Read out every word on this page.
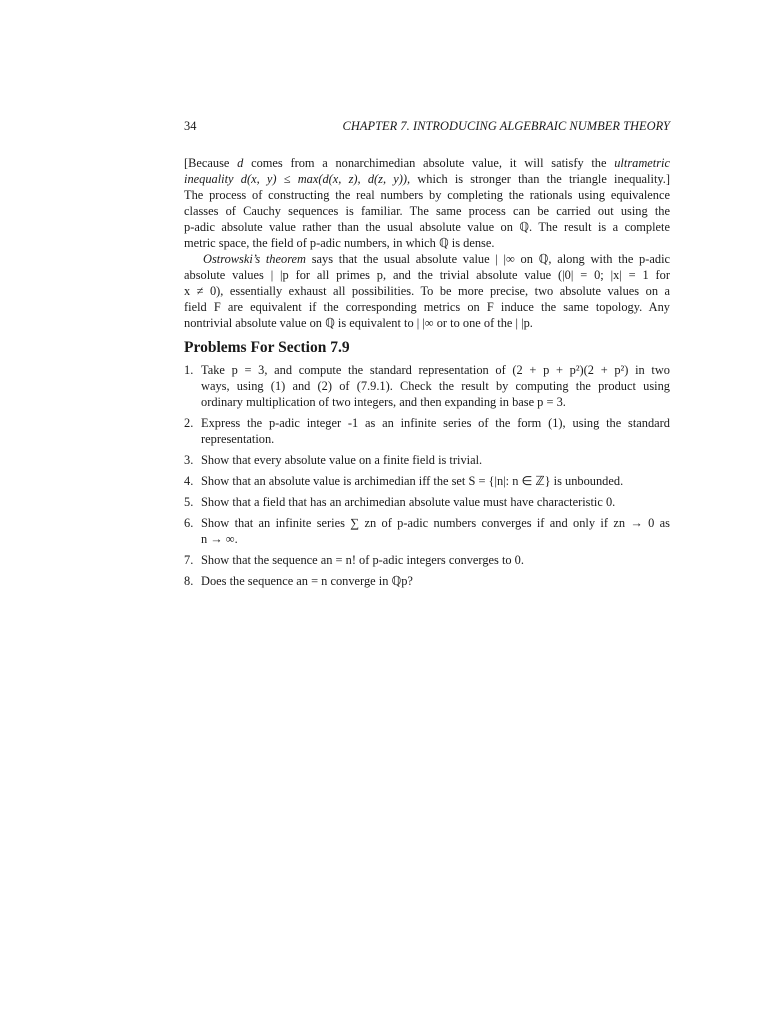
34	CHAPTER 7. INTRODUCING ALGEBRAIC NUMBER THEORY
[Because d comes from a nonarchimedian absolute value, it will satisfy the ultrametric
inequality d(x, y) ≤ max(d(x, z), d(z, y)), which is stronger than the triangle inequality.]
The process of constructing the real numbers by completing the rationals using equivalence
classes of Cauchy sequences is familiar. The same process can be carried out using the
p-adic absolute value rather than the usual absolute value on ℚ. The result is a complete
metric space, the field of p-adic numbers, in which ℚ is dense.
Ostrowski’s theorem says that the usual absolute value | |∞ on ℚ, along with the p-adic
absolute values | |p for all primes p, and the trivial absolute value (|0| = 0; |x| = 1 for
x ≠ 0), essentially exhaust all possibilities. To be more precise, two absolute values on a
field F are equivalent if the corresponding metrics on F induce the same topology. Any
nontrivial absolute value on ℚ is equivalent to | |∞ or to one of the | |p.
Problems For Section 7.9
1. Take p = 3, and compute the standard representation of (2 + p + p²)(2 + p²) in two
ways, using (1) and (2) of (7.9.1). Check the result by computing the product using
ordinary multiplication of two integers, and then expanding in base p = 3.
2. Express the p-adic integer -1 as an infinite series of the form (1), using the standard
representation.
3. Show that every absolute value on a finite field is trivial.
4. Show that an absolute value is archimedian iff the set S = {|n|: n ∈ ℤ} is unbounded.
5. Show that a field that has an archimedian absolute value must have characteristic 0.
6. Show that an infinite series ∑ zn of p-adic numbers converges if and only if zn → 0 as
n → ∞.
7. Show that the sequence an = n! of p-adic integers converges to 0.
8. Does the sequence an = n converge in ℚp?
